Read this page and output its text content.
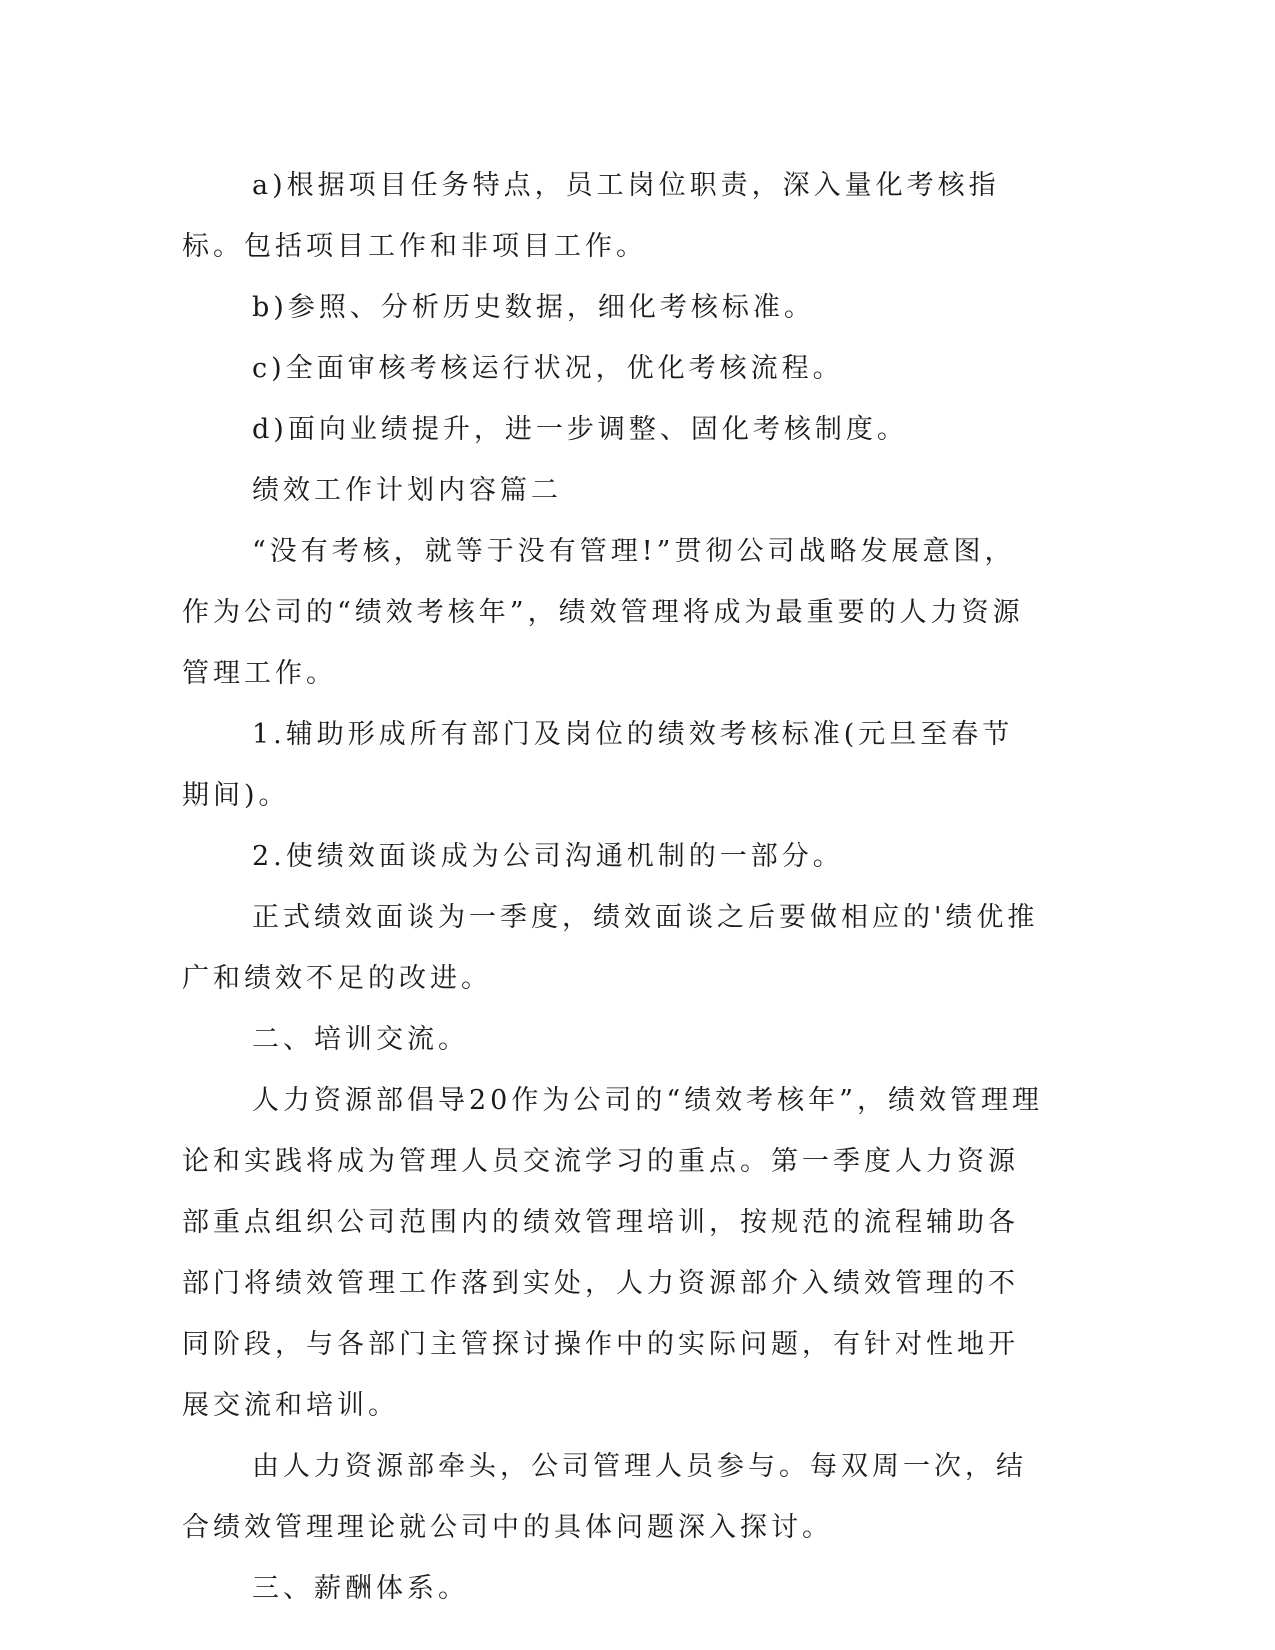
a)根据项目任务特点，员工岗位职责，深入量化考核指标。包括项目工作和非项目工作。

b)参照、分析历史数据，细化考核标准。

c)全面审核考核运行状况，优化考核流程。

d)面向业绩提升，进一步调整、固化考核制度。

绩效工作计划内容篇二

“没有考核，就等于没有管理!”贯彻公司战略发展意图，作为公司的“绩效考核年”，绩效管理将成为最重要的人力资源管理工作。

1.辅助形成所有部门及岗位的绩效考核标准(元旦至春节期间)。

2.使绩效面谈成为公司沟通机制的一部分。

正式绩效面谈为一季度，绩效面谈之后要做相应的'绩优推广和绩效不足的改进。

二、培训交流。

人力资源部倡导20作为公司的“绩效考核年”，绩效管理理论和实践将成为管理人员交流学习的重点。第一季度人力资源部重点组织公司范围内的绩效管理培训，按规范的流程辅助各部门将绩效管理工作落到实处，人力资源部介入绩效管理的不同阶段，与各部门主管探讨操作中的实际问题，有针对性地开展交流和培训。

由人力资源部牵头，公司管理人员参与。每双周一次，结合绩效管理理论就公司中的具体问题深入探讨。

三、薪酬体系。
